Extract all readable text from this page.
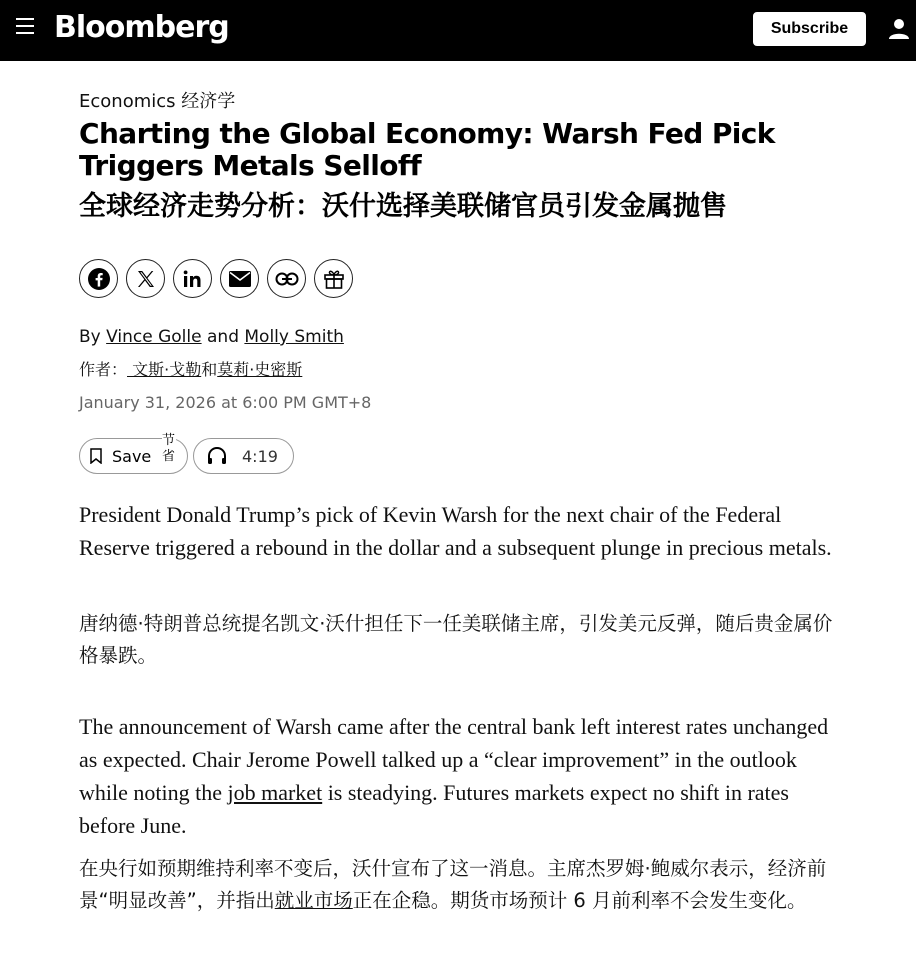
Bloomberg	Subscribe
Economics 经济学
Charting the Global Economy: Warsh Fed Pick Triggers Metals Selloff
全球经济走势分析：沃什选择美联储官员引发金属抛售
By Vince Golle and Molly Smith
作者： 文斯·戈勒和莫莉·史密斯
January 31, 2026 at 6:00 PM GMT+8
Save
节省	4:19

President Donald Trump’s pick of Kevin Warsh for the next chair of the Federal Reserve triggered a rebound in the dollar and a subsequent plunge in precious metals.

唐纳德·特朗普总统提名凯文·沃什担任下一任美联储主席，引发美元反弹，随后贵金属价格暴跌。

The announcement of Warsh came after the central bank left interest rates unchanged as expected. Chair Jerome Powell talked up a “clear improvement” in the outlook while noting the job market is steadying. Futures markets expect no shift in rates before June.

在央行如预期维持利率不变后，沃什宣布了这一消息。主席杰罗姆·鲍威尔表示，经济前景“明显改善”，并指出就业市场正在企稳。期货市场预计 6 月前利率不会发生变化。
